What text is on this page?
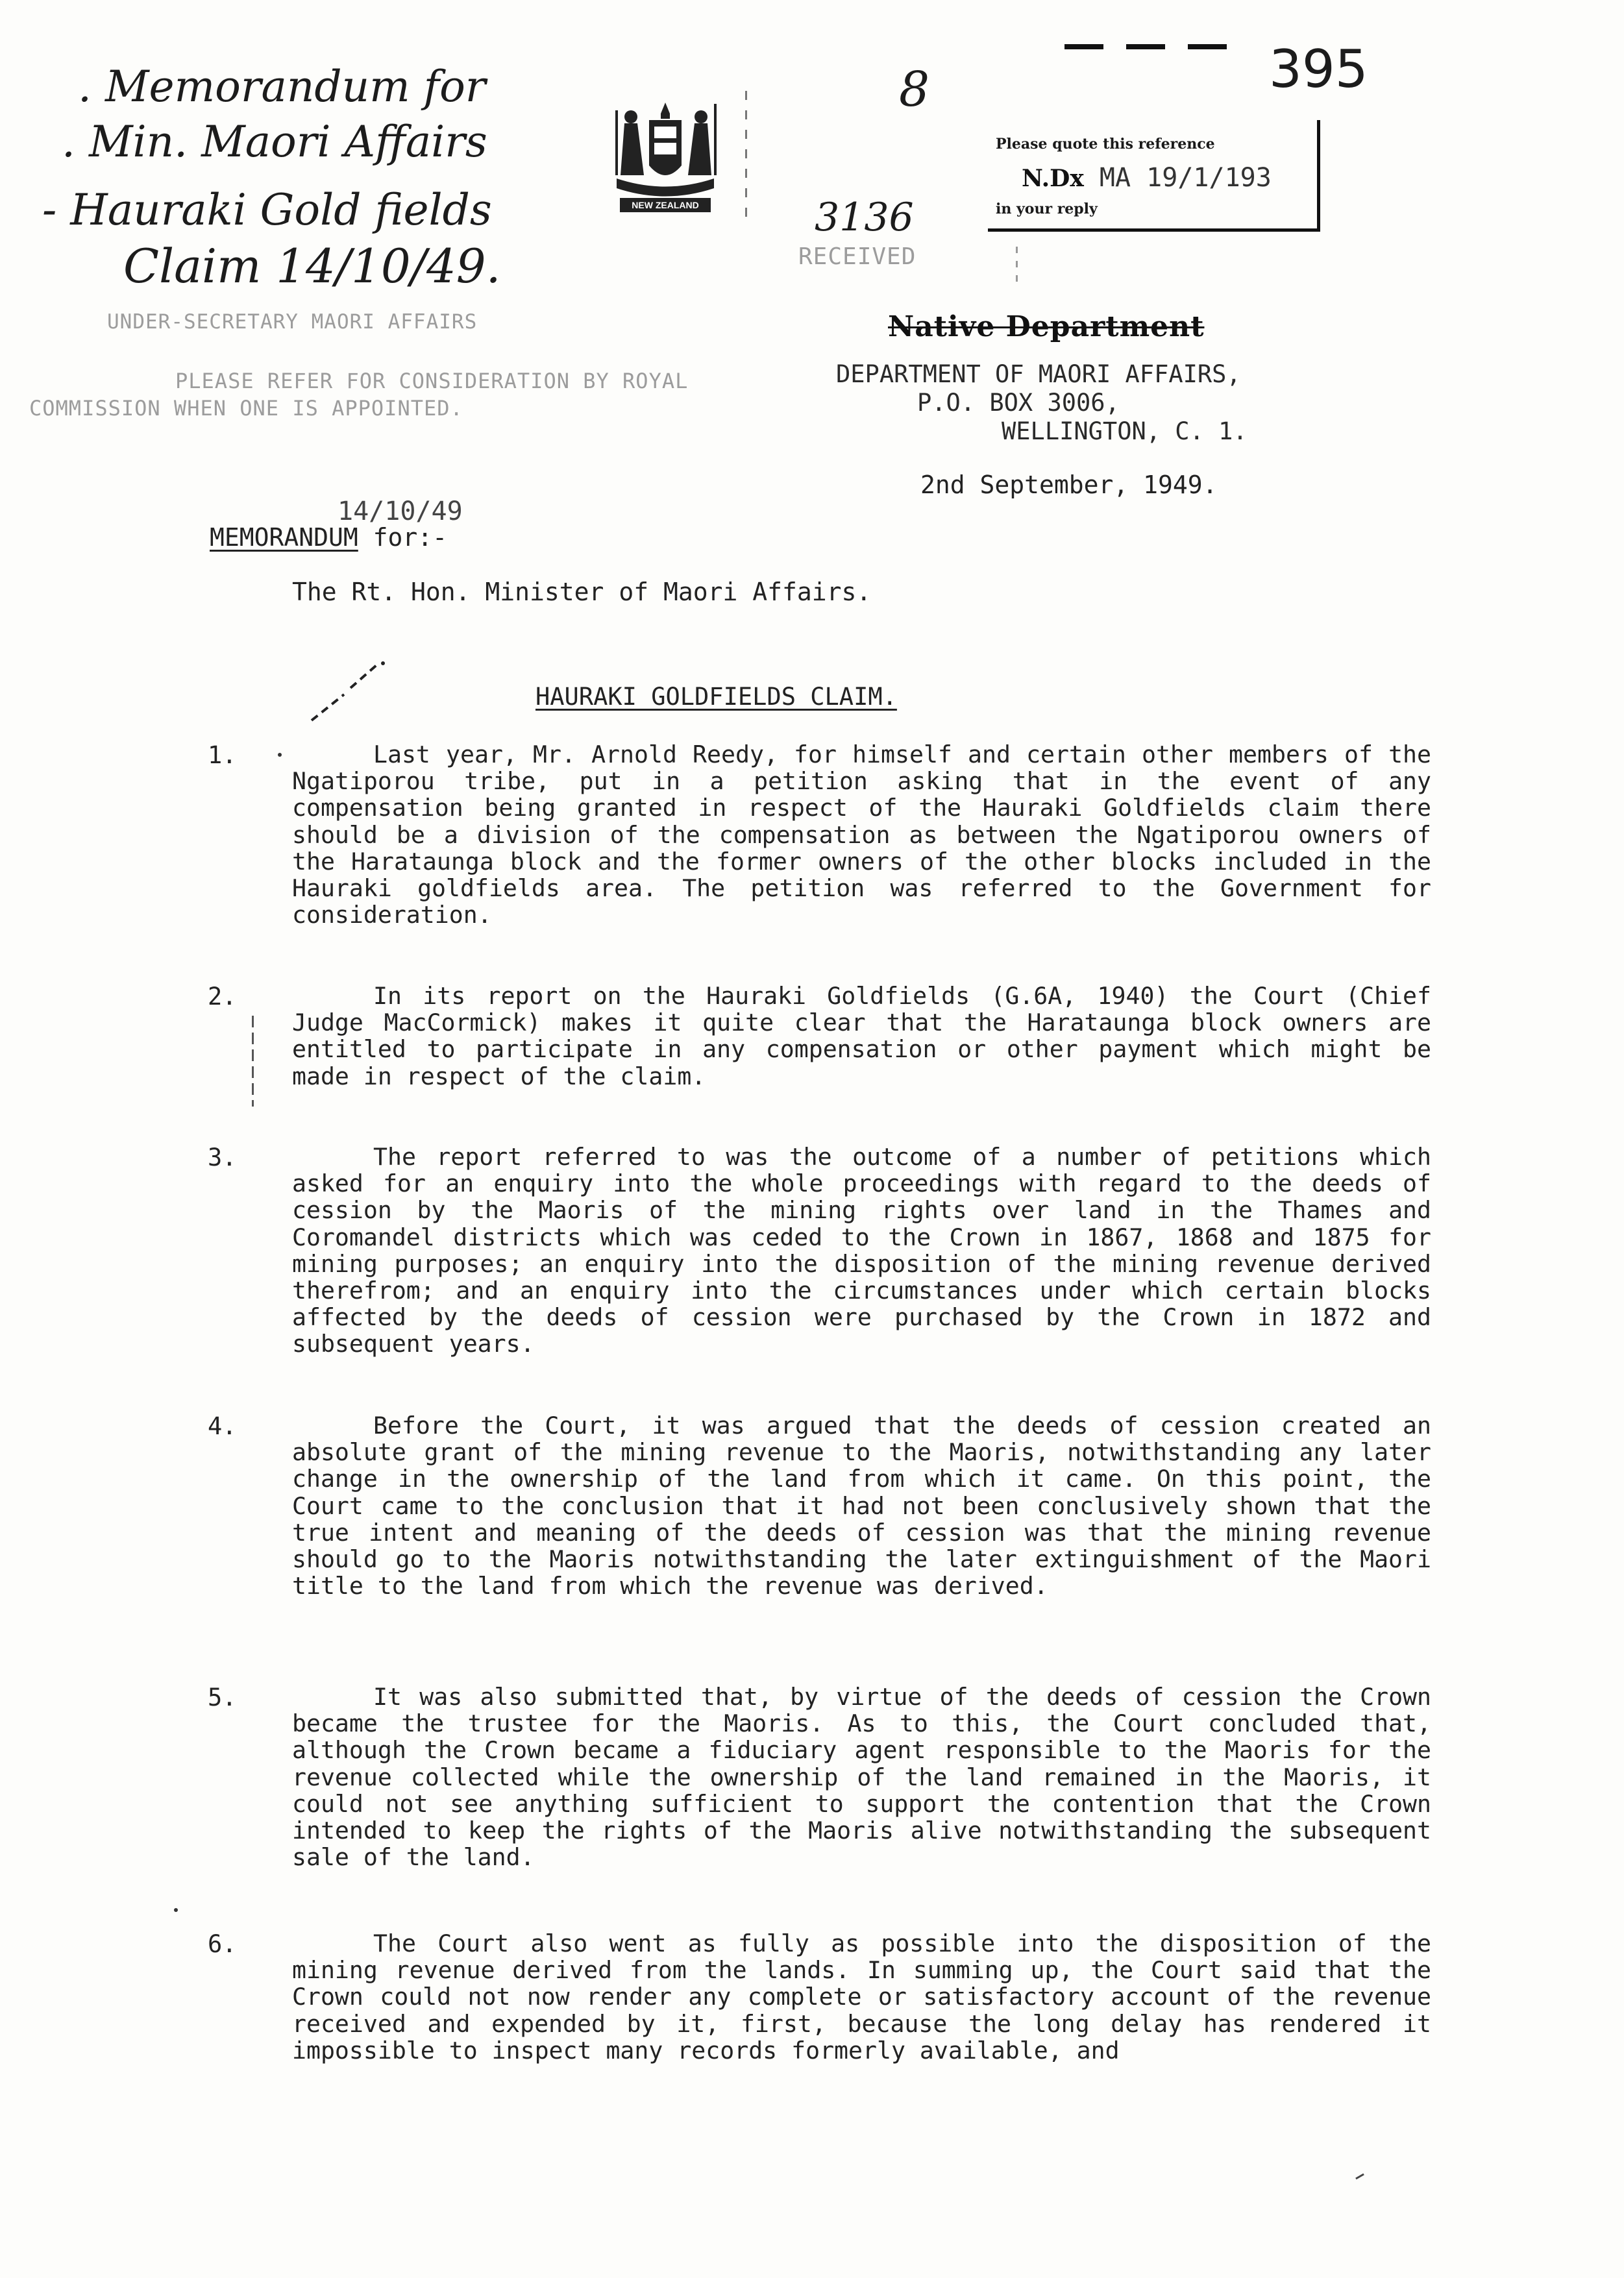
. Memorandum for
. Min. Maori Affairs
- Hauraki Gold fields
Claim 14/10/49.
UNDER-SECRETARY MAORI AFFAIRS
PLEASE REFER FOR CONSIDERATION BY ROYAL
COMMISSION WHEN ONE IS APPOINTED.
NEW ZEALAND
8	395
3136
RECEIVED
Please quote this reference
N.Dx MA 19/1/193
in your reply
Native Department
DEPARTMENT OF MAORI AFFAIRS,
P.O. BOX 3006,
WELLINGTON, C. 1.
2nd September, 1949.
14/10/49
MEMORANDUM for:-
The Rt. Hon. Minister of Maori Affairs.
HAURAKI GOLDFIELDS CLAIM.
1.	Last year, Mr. Arnold Reedy, for himself and certain other members of the Ngatiporou tribe, put in a petition asking that in the event of any compensation being granted in respect of the Hauraki Goldfields claim there should be a division of the compensation as between the Ngatiporou owners of the Harataunga block and the former owners of the other blocks included in the Hauraki goldfields area. The petition was referred to the Government for consideration.
2.	In its report on the Hauraki Goldfields (G.6A, 1940) the Court (Chief Judge MacCormick) makes it quite clear that the Harataunga block owners are entitled to participate in any compensation or other payment which might be made in respect of the claim.
3.	The report referred to was the outcome of a number of petitions which asked for an enquiry into the whole proceedings with regard to the deeds of cession by the Maoris of the mining rights over land in the Thames and Coromandel districts which was ceded to the Crown in 1867, 1868 and 1875 for mining purposes; an enquiry into the disposition of the mining revenue derived therefrom; and an enquiry into the circumstances under which certain blocks affected by the deeds of cession were purchased by the Crown in 1872 and subsequent years.
4.	Before the Court, it was argued that the deeds of cession created an absolute grant of the mining revenue to the Maoris, notwithstanding any later change in the ownership of the land from which it came. On this point, the Court came to the conclusion that it had not been conclusively shown that the true intent and meaning of the deeds of cession was that the mining revenue should go to the Maoris notwithstanding the later extinguishment of the Maori title to the land from which the revenue was derived.
5.	It was also submitted that, by virtue of the deeds of cession the Crown became the trustee for the Maoris. As to this, the Court concluded that, although the Crown became a fiduciary agent responsible to the Maoris for the revenue collected while the ownership of the land remained in the Maoris, it could not see anything sufficient to support the contention that the Crown intended to keep the rights of the Maoris alive notwithstanding the subsequent sale of the land.
6.	The Court also went as fully as possible into the disposition of the mining revenue derived from the lands. In summing up, the Court said that the Crown could not now render any complete or satisfactory account of the revenue received and expended by it, first, because the long delay has rendered it impossible to inspect many records formerly available, and
